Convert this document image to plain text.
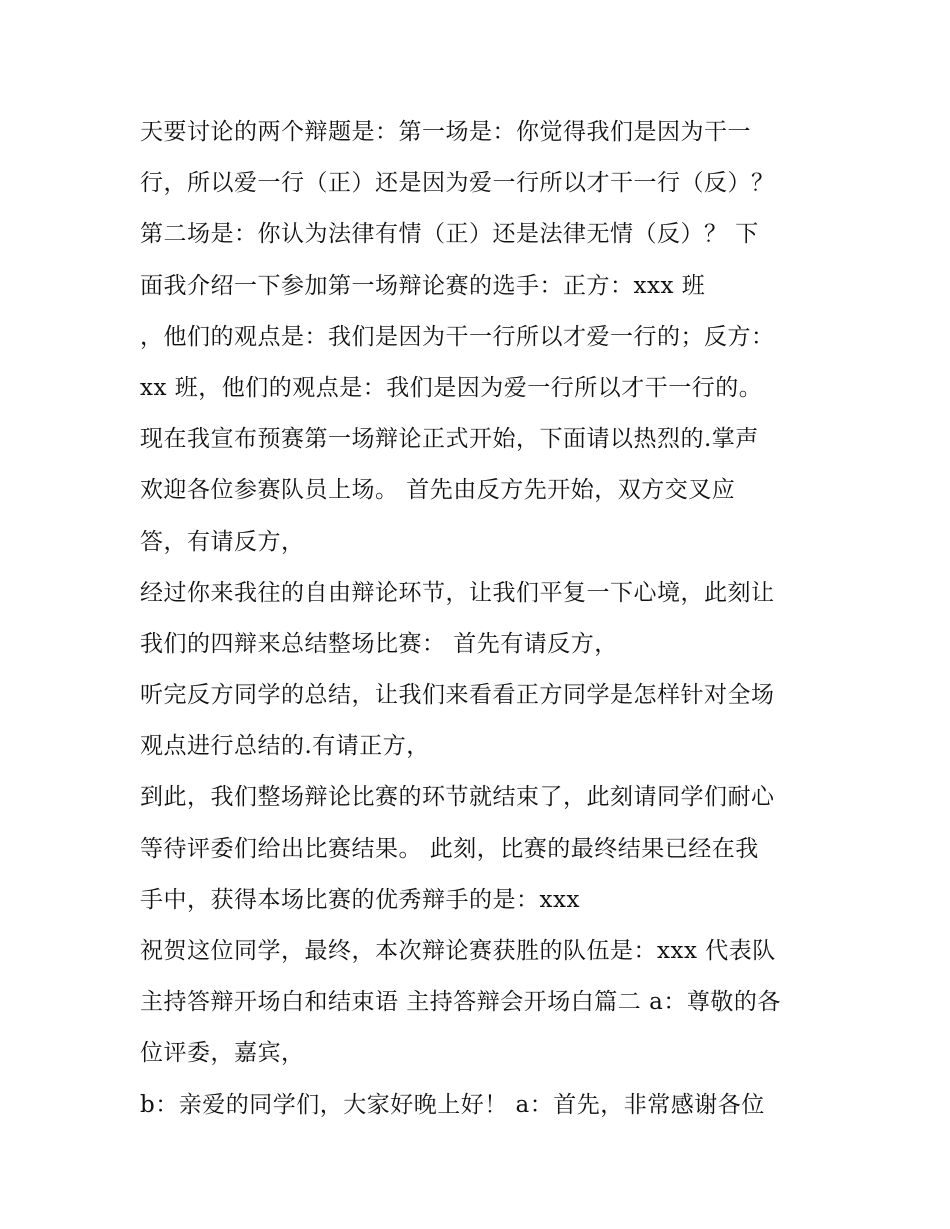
天要讨论的两个辩题是：第一场是：你觉得我们是因为干一
行，所以爱一行（正）还是因为爱一行所以才干一行（反）？
第二场是：你认为法律有情（正）还是法律无情（反）？ 下
面我介绍一下参加第一场辩论赛的选手：正方：xxx 班
，他们的观点是：我们是因为干一行所以才爱一行的；反方：
xx 班，他们的观点是：我们是因为爱一行所以才干一行的。
现在我宣布预赛第一场辩论正式开始，下面请以热烈的.掌声
欢迎各位参赛队员上场。 首先由反方先开始，双方交叉应
答，有请反方，
经过你来我往的自由辩论环节，让我们平复一下心境，此刻让
我们的四辩来总结整场比赛： 首先有请反方，
听完反方同学的总结，让我们来看看正方同学是怎样针对全场
观点进行总结的.有请正方，
到此，我们整场辩论比赛的环节就结束了，此刻请同学们耐心
等待评委们给出比赛结果。 此刻，比赛的最终结果已经在我
手中，获得本场比赛的优秀辩手的是：xxx
祝贺这位同学，最终，本次辩论赛获胜的队伍是：xxx 代表队
主持答辩开场白和结束语 主持答辩会开场白篇二 a：尊敬的各
位评委，嘉宾，
b：亲爱的同学们，大家好晚上好！ a：首先，非常感谢各位
